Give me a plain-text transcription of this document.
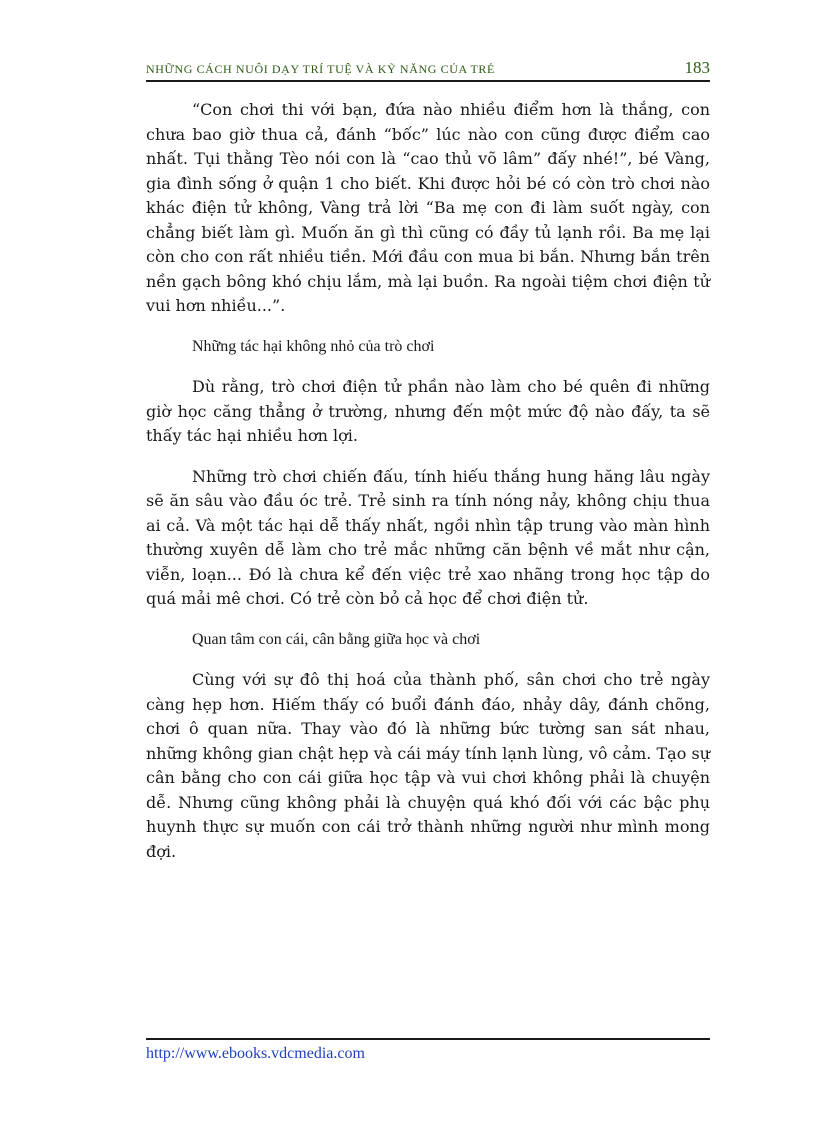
NHỮNG CÁCH NUÔI DẠY TRÍ TUỆ VÀ KỸ NĂNG CỦA TRẺ	183

“Con chơi thi với bạn, đứa nào nhiều điểm hơn là thắng, con chưa bao giờ thua cả, đánh “bốc” lúc nào con cũng được điểm cao nhất. Tụi thằng Tèo nói con là “cao thủ võ lâm” đấy nhé!”, bé Vàng, gia đình sống ở quận 1 cho biết. Khi được hỏi bé có còn trò chơi nào khác điện tử không, Vàng trả lời “Ba mẹ con đi làm suốt ngày, con chẳng biết làm gì. Muốn ăn gì thì cũng có đầy tủ lạnh rồi. Ba mẹ lại còn cho con rất nhiều tiền. Mới đầu con mua bi bắn. Nhưng bắn trên nền gạch bông khó chịu lắm, mà lại buồn. Ra ngoài tiệm chơi điện tử vui hơn nhiều...”.

Những tác hại không nhỏ của trò chơi

Dù rằng, trò chơi điện tử phần nào làm cho bé quên đi những giờ học căng thẳng ở trường, nhưng đến một mức độ nào đấy, ta sẽ thấy tác hại nhiều hơn lợi.

Những trò chơi chiến đấu, tính hiếu thắng hung hăng lâu ngày sẽ ăn sâu vào đầu óc trẻ. Trẻ sinh ra tính nóng nảy, không chịu thua ai cả. Và một tác hại dễ thấy nhất, ngồi nhìn tập trung vào màn hình thường xuyên dễ làm cho trẻ mắc những căn bệnh về mắt như cận, viễn, loạn... Đó là chưa kể đến việc trẻ xao nhãng trong học tập do quá mải mê chơi. Có trẻ còn bỏ cả học để chơi điện tử.

Quan tâm con cái, cân bằng giữa học và chơi

Cùng với sự đô thị hoá của thành phố, sân chơi cho trẻ ngày càng hẹp hơn. Hiếm thấy có buổi đánh đáo, nhảy dây, đánh chõng, chơi ô quan nữa. Thay vào đó là những bức tường san sát nhau, những không gian chật hẹp và cái máy tính lạnh lùng, vô cảm. Tạo sự cân bằng cho con cái giữa học tập và vui chơi không phải là chuyện dễ. Nhưng cũng không phải là chuyện quá khó đối với các bậc phụ huynh thực sự muốn con cái trở thành những người như mình mong đợi.

http://www.ebooks.vdcmedia.com
